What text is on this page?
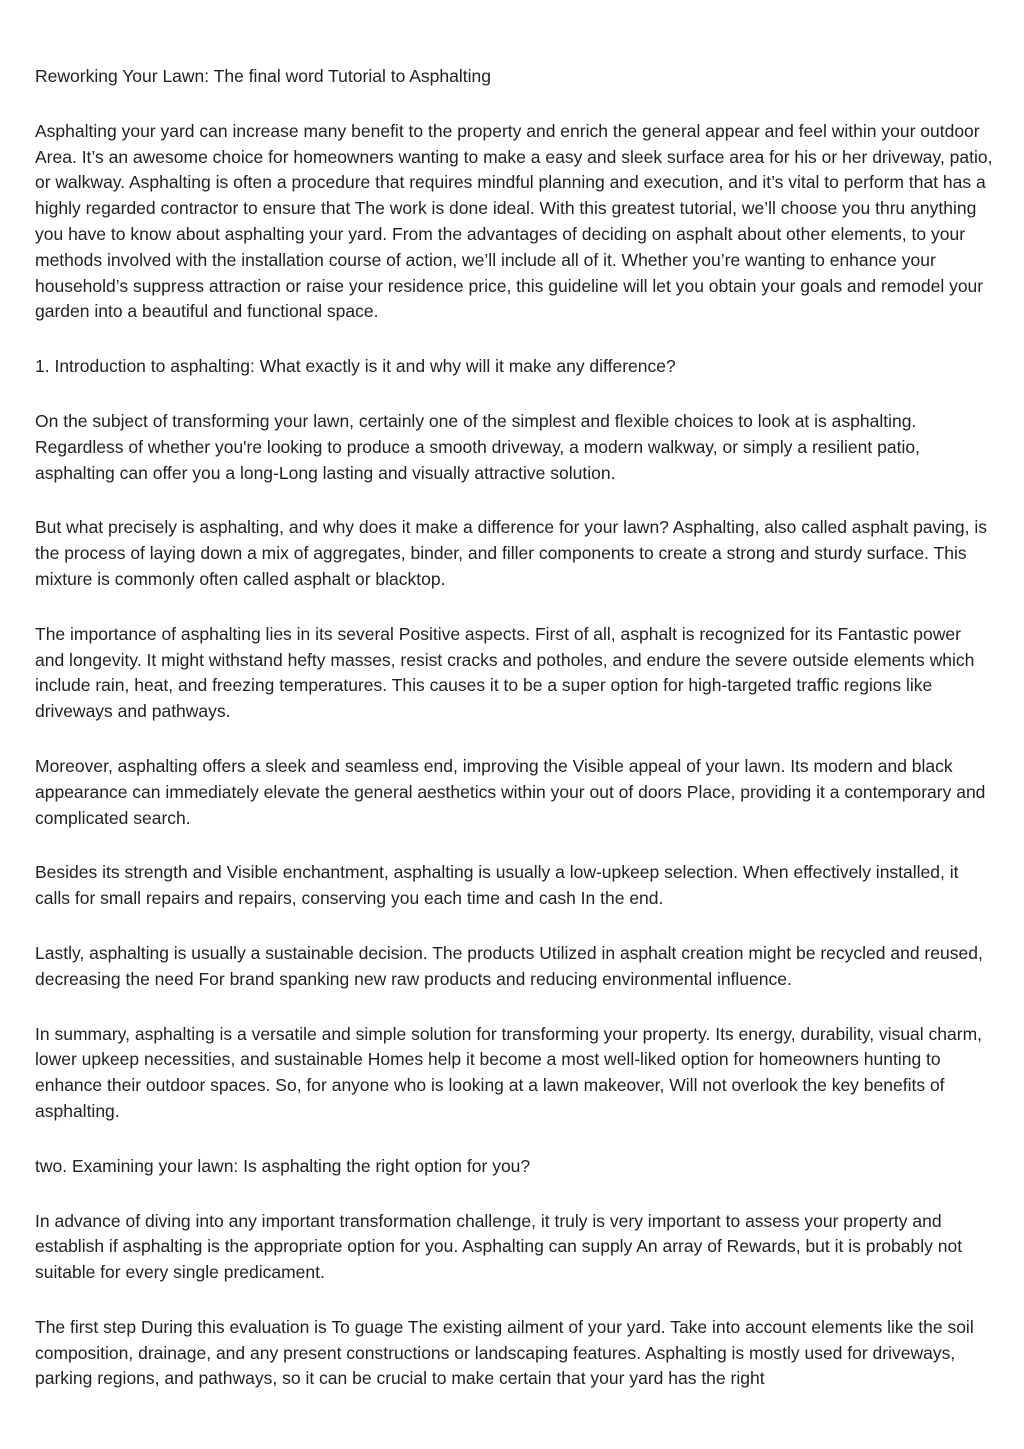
Reworking Your Lawn: The final word Tutorial to Asphalting

Asphalting your yard can increase many benefit to the property and enrich the general appear and feel within your outdoor Area. It’s an awesome choice for homeowners wanting to make a easy and sleek surface area for his or her driveway, patio, or walkway. Asphalting is often a procedure that requires mindful planning and execution, and it’s vital to perform that has a highly regarded contractor to ensure that The work is done ideal. With this greatest tutorial, we’ll choose you thru anything you have to know about asphalting your yard. From the advantages of deciding on asphalt about other elements, to your methods involved with the installation course of action, we’ll include all of it. Whether you’re wanting to enhance your household’s suppress attraction or raise your residence price, this guideline will let you obtain your goals and remodel your garden into a beautiful and functional space.

1. Introduction to asphalting: What exactly is it and why will it make any difference?

On the subject of transforming your lawn, certainly one of the simplest and flexible choices to look at is asphalting. Regardless of whether you're looking to produce a smooth driveway, a modern walkway, or simply a resilient patio, asphalting can offer you a long-Long lasting and visually attractive solution.

But what precisely is asphalting, and why does it make a difference for your lawn? Asphalting, also called asphalt paving, is the process of laying down a mix of aggregates, binder, and filler components to create a strong and sturdy surface. This mixture is commonly often called asphalt or blacktop.

The importance of asphalting lies in its several Positive aspects. First of all, asphalt is recognized for its Fantastic power and longevity. It might withstand hefty masses, resist cracks and potholes, and endure the severe outside elements which include rain, heat, and freezing temperatures. This causes it to be a super option for high-targeted traffic regions like driveways and pathways.

Moreover, asphalting offers a sleek and seamless end, improving the Visible appeal of your lawn. Its modern and black appearance can immediately elevate the general aesthetics within your out of doors Place, providing it a contemporary and complicated search.

Besides its strength and Visible enchantment, asphalting is usually a low-upkeep selection. When effectively installed, it calls for small repairs and repairs, conserving you each time and cash In the end.

Lastly, asphalting is usually a sustainable decision. The products Utilized in asphalt creation might be recycled and reused, decreasing the need For brand spanking new raw products and reducing environmental influence.

In summary, asphalting is a versatile and simple solution for transforming your property. Its energy, durability, visual charm, lower upkeep necessities, and sustainable Homes help it become a most well-liked option for homeowners hunting to enhance their outdoor spaces. So, for anyone who is looking at a lawn makeover, Will not overlook the key benefits of asphalting.

two. Examining your lawn: Is asphalting the right option for you?

In advance of diving into any important transformation challenge, it truly is very important to assess your property and establish if asphalting is the appropriate option for you. Asphalting can supply An array of Rewards, but it is probably not suitable for every single predicament.

The first step During this evaluation is To guage The existing ailment of your yard. Take into account elements like the soil composition, drainage, and any present constructions or landscaping features. Asphalting is mostly used for driveways, parking regions, and pathways, so it can be crucial to make certain that your yard has the right
